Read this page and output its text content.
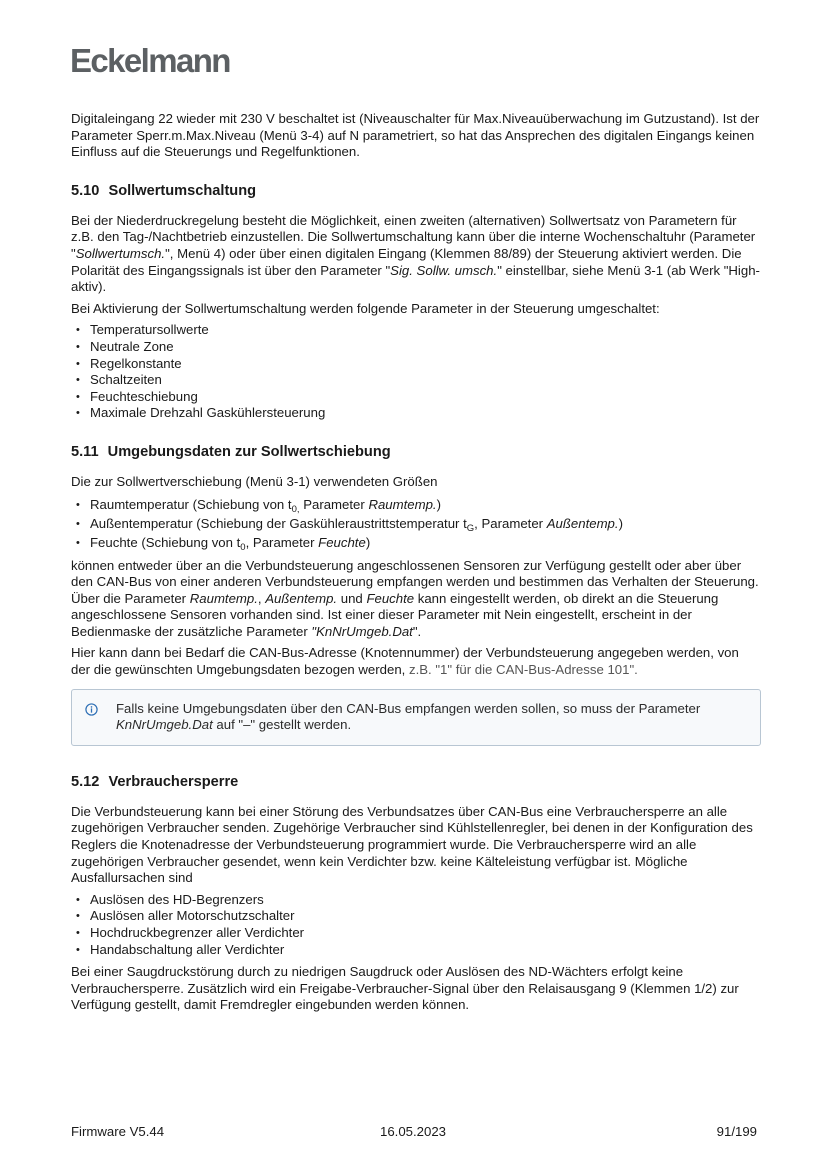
Eckelmann

Digitaleingang 22 wieder mit 230 V beschaltet ist (Niveauschalter für Max.Niveauüberwachung im Gutzustand). Ist der Parameter Sperr.m.Max.Niveau (Menü 3-4) auf N parametriert, so hat das Ansprechen des digitalen Eingangs keinen Einfluss auf die Steuerungs und Regelfunktionen.

5.10 Sollwertumschaltung

Bei der Niederdruckregelung besteht die Möglichkeit, einen zweiten (alternativen) Sollwertsatz von Parametern für z.B. den Tag-/Nachtbetrieb einzustellen. Die Sollwertumschaltung kann über die interne Wochenschaltuhr (Parameter "Sollwertumsch.", Menü 4) oder über einen digitalen Eingang (Klemmen 88/89) der Steuerung aktiviert werden. Die Polarität des Eingangssignals ist über den Parameter "Sig. Sollw. umsch." einstellbar, siehe Menü 3-1 (ab Werk "High-aktiv).

Bei Aktivierung der Sollwertumschaltung werden folgende Parameter in der Steuerung umgeschaltet:

• Temperatursollwerte
• Neutrale Zone
• Regelkonstante
• Schaltzeiten
• Feuchteschiebung
• Maximale Drehzahl Gaskühlersteuerung
5.11 Umgebungsdaten zur Sollwertschiebung

Die zur Sollwertverschiebung (Menü 3-1) verwendeten Größen

• Raumtemperatur (Schiebung von $t_{0,}$ Parameter Raumtemp.)
• Außentemperatur (Schiebung der Gaskühleraustrittstemperatur $t_G$, Parameter Außentemp.)
• Feuchte (Schiebung von $t_0$, Parameter Feuchte)

können entweder über an die Verbundsteuerung angeschlossenen Sensoren zur Verfügung gestellt oder aber über den CAN-Bus von einer anderen Verbundsteuerung empfangen werden und bestimmen das Verhalten der Steuerung.

Über die Parameter Raumtemp., Außentemp. und Feuchte kann eingestellt werden, ob direkt an die Steuerung angeschlossene Sensoren vorhanden sind. Ist einer dieser Parameter mit Nein eingestellt, erscheint in der Bedienmaske der zusätzliche Parameter "KnNrUmgeb.Dat".

Hier kann dann bei Bedarf die CAN-Bus-Adresse (Knotennummer) der Verbundsteuerung angegeben werden, von der die gewünschten Umgebungsdaten bezogen werden, z.B. "1" für die CAN-Bus-Adresse 101".

Falls keine Umgebungsdaten über den CAN-Bus empfangen werden sollen, so muss der Parameter KnNrUmgeb.Dat auf "–" gestellt werden.
5.12 Verbrauchersperre

Die Verbundsteuerung kann bei einer Störung des Verbundsatzes über CAN-Bus eine Verbrauchersperre an alle zugehörigen Verbraucher senden. Zugehörige Verbraucher sind Kühlstellenregler, bei denen in der Konfiguration des Reglers die Knotenadresse der Verbundsteuerung programmiert wurde. Die Verbrauchersperre wird an alle zugehörigen Verbraucher gesendet, wenn kein Verdichter bzw. keine Kälteleistung verfügbar ist. Mögliche Ausfallursachen sind

• Auslösen des HD-Begrenzers
• Auslösen aller Motorschutzschalter
• Hochdruckbegrenzer aller Verdichter
• Handabschaltung aller Verdichter

Bei einer Saugdruckstörung durch zu niedrigen Saugdruck oder Auslösen des ND-Wächters erfolgt keine Verbrauchersperre. Zusätzlich wird ein Freigabe-Verbraucher-Signal über den Relaisausgang 9 (Klemmen 1/2) zur Verfügung gestellt, damit Fremdregler eingebunden werden können.

Firmware V5.44	16.05.2023	91/199
